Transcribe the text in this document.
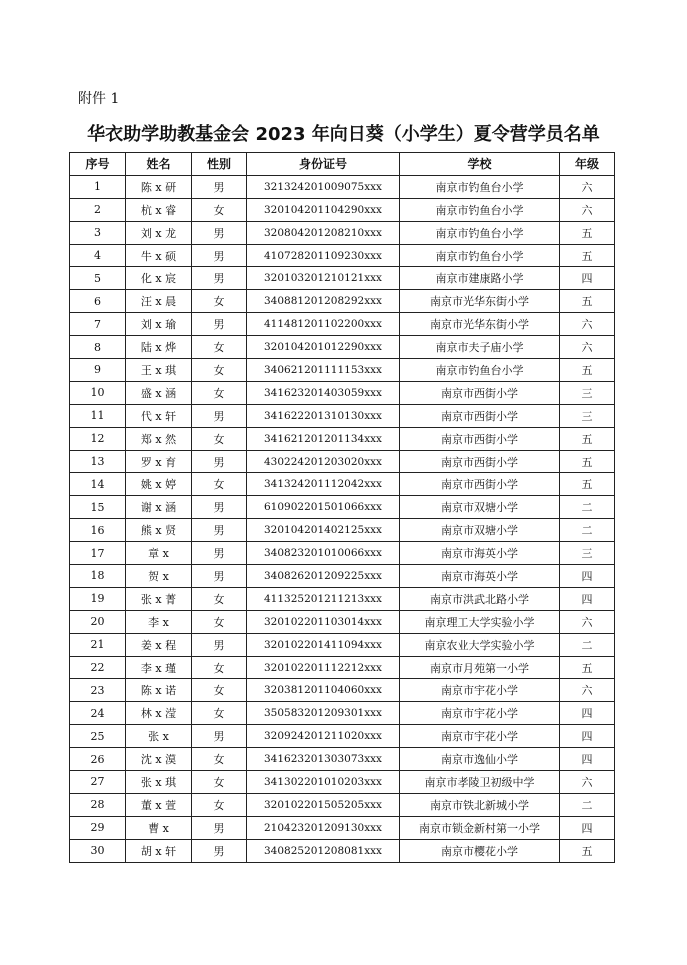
附件 1
华衣助学助教基金会 2023 年向日葵（小学生）夏令营学员名单
序号	姓名	性别	身份证号	学校	年级
1	陈 x 研	男	321324201009075xxx	南京市钓鱼台小学	六
2	杭 x 睿	女	320104201104290xxx	南京市钓鱼台小学	六
3	刘 x 龙	男	320804201208210xxx	南京市钓鱼台小学	五
4	牛 x 硕	男	410728201109230xxx	南京市钓鱼台小学	五
5	化 x 宸	男	320103201210121xxx	南京市建康路小学	四
6	汪 x 晨	女	340881201208292xxx	南京市光华东街小学	五
7	刘 x 瑜	男	411481201102200xxx	南京市光华东街小学	六
8	陆 x 烨	女	320104201012290xxx	南京市夫子庙小学	六
9	王 x 琪	女	340621201111153xxx	南京市钓鱼台小学	五
10	盛 x 涵	女	341623201403059xxx	南京市西街小学	三
11	代 x 轩	男	341622201310130xxx	南京市西街小学	三
12	郑 x 然	女	341621201201134xxx	南京市西街小学	五
13	罗 x 育	男	430224201203020xxx	南京市西街小学	五
14	姚 x 婷	女	341324201112042xxx	南京市西街小学	五
15	谢 x 涵	男	610902201501066xxx	南京市双塘小学	二
16	熊 x 贤	男	320104201402125xxx	南京市双塘小学	二
17	章 x	男	340823201010066xxx	南京市海英小学	三
18	贺 x	男	340826201209225xxx	南京市海英小学	四
19	张 x 菁	女	411325201211213xxx	南京市洪武北路小学	四
20	李 x	女	320102201103014xxx	南京理工大学实验小学	六
21	姜 x 程	男	320102201411094xxx	南京农业大学实验小学	二
22	李 x 瑾	女	320102201112212xxx	南京市月苑第一小学	五
23	陈 x 诺	女	320381201104060xxx	南京市宇花小学	六
24	林 x 滢	女	350583201209301xxx	南京市宇花小学	四
25	张 x	男	320924201211020xxx	南京市宇花小学	四
26	沈 x 漠	女	341623201303073xxx	南京市逸仙小学	四
27	张 x 琪	女	341302201010203xxx	南京市孝陵卫初级中学	六
28	董 x 萱	女	320102201505205xxx	南京市铁北新城小学	二
29	曹 x	男	210423201209130xxx	南京市锁金新村第一小学	四
30	胡 x 轩	男	340825201208081xxx	南京市樱花小学	五
